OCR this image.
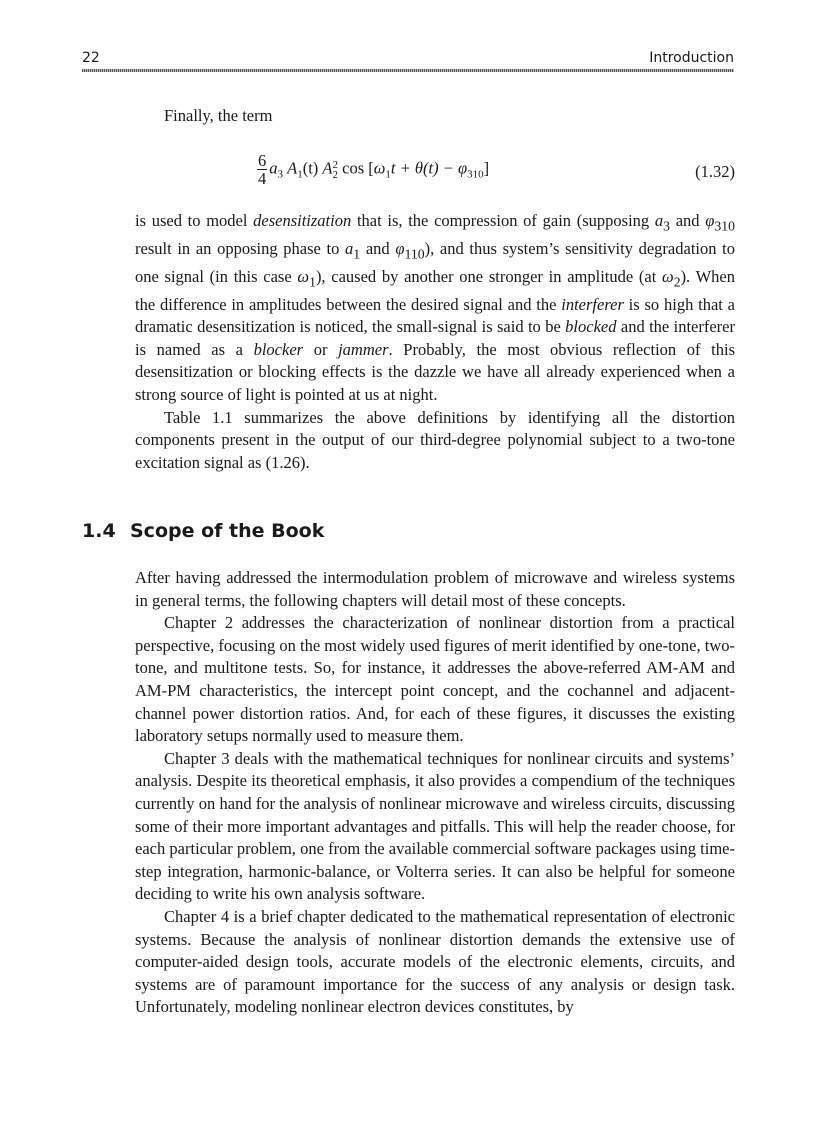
22	Introduction

Finally, the term

$\frac{6}{4} a_3$ $A_1(t)$ A 2
2 $\cos [\omega_1t + \theta(t) - \varphi_{310}]$	(1.32)

is used to model desensitization that is, the compression of gain (supposing $a_3$ and $\varphi_{310}$ result in an opposing phase to $a_1$ and $\varphi_{110}$), and thus system’s sensitivity degradation to one signal (in this case $\omega_1$), caused by another one stronger in amplitude (at $\omega_2$). When the difference in amplitudes between the desired signal and the interferer is so high that a dramatic desensitization is noticed, the small-signal is said to be blocked and the interferer is named as a blocker or jammer. Probably, the most obvious reflection of this desensitization or blocking effects is the dazzle we have all already experienced when a strong source of light is pointed at us at night.

Table 1.1 summarizes the above definitions by identifying all the distortion components present in the output of our third-degree polynomial subject to a two-tone excitation signal as (1.26).

1.4 Scope of the Book

After having addressed the intermodulation problem of microwave and wireless systems in general terms, the following chapters will detail most of these concepts.

Chapter 2 addresses the characterization of nonlinear distortion from a practical perspective, focusing on the most widely used figures of merit identified by one-tone, two-tone, and multitone tests. So, for instance, it addresses the above-referred AM-AM and AM-PM characteristics, the intercept point concept, and the cochannel and adjacent-channel power distortion ratios. And, for each of these figures, it discusses the existing laboratory setups normally used to measure them.

Chapter 3 deals with the mathematical techniques for nonlinear circuits and systems’ analysis. Despite its theoretical emphasis, it also provides a compendium of the techniques currently on hand for the analysis of nonlinear microwave and wireless circuits, discussing some of their more important advantages and pitfalls. This will help the reader choose, for each particular problem, one from the available commercial software packages using time-step integration, harmonic-balance, or Volterra series. It can also be helpful for someone deciding to write his own analysis software.

Chapter 4 is a brief chapter dedicated to the mathematical representation of electronic systems. Because the analysis of nonlinear distortion demands the extensive use of computer-aided design tools, accurate models of the electronic elements, circuits, and systems are of paramount importance for the success of any analysis or design task. Unfortunately, modeling nonlinear electron devices constitutes, by
